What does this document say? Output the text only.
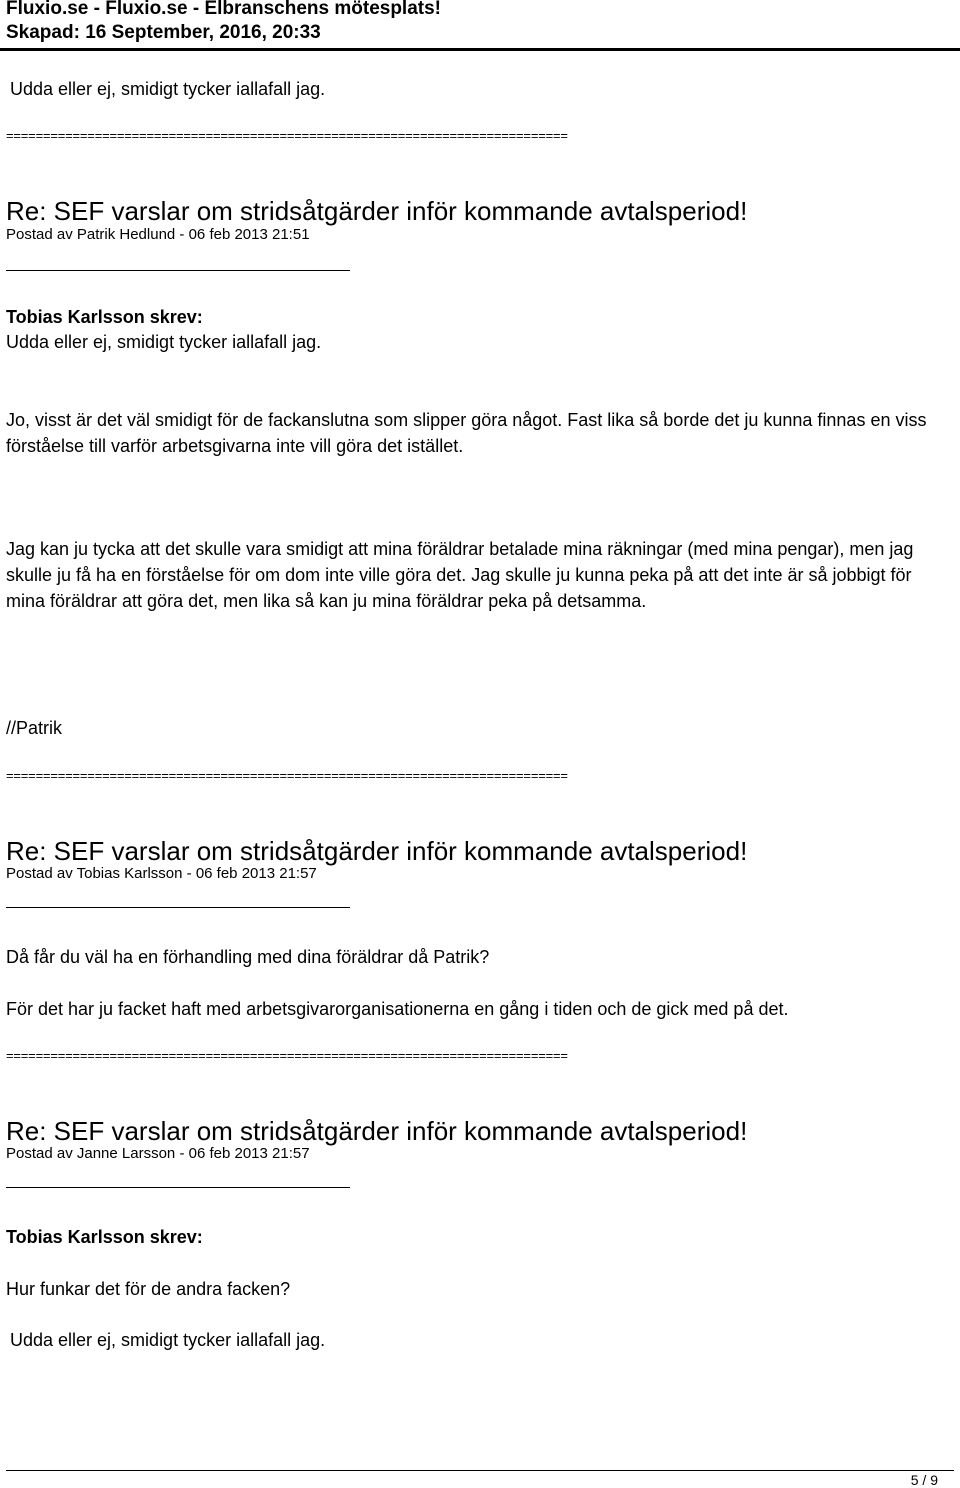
Fluxio.se - Fluxio.se - Elbranschens mötesplats!
Skapad: 16 September, 2016, 20:33
Udda eller ej, smidigt tycker iallafall jag.
============================================================================
Re: SEF varslar om stridsåtgärder inför kommande avtalsperiod!
Postad av Patrik Hedlund - 06 feb 2013 21:51
Tobias Karlsson skrev:
Udda eller ej, smidigt tycker iallafall jag.
Jo, visst är det väl smidigt för de fackanslutna som slipper göra något. Fast lika så borde det ju kunna finnas en viss förståelse till varför arbetsgivarna inte vill göra det istället.
Jag kan ju tycka att det skulle vara smidigt att mina föräldrar betalade mina räkningar (med mina pengar), men jag skulle ju få ha en förståelse för om dom inte ville göra det. Jag skulle ju kunna peka på att det inte är så jobbigt för mina föräldrar att göra det, men lika så kan ju mina föräldrar peka på detsamma.
//Patrik
============================================================================
Re: SEF varslar om stridsåtgärder inför kommande avtalsperiod!
Postad av Tobias Karlsson - 06 feb 2013 21:57
Då får du väl ha en förhandling med dina föräldrar då Patrik?
För det har ju facket haft med arbetsgivarorganisationerna en gång i tiden och de gick med på det.
============================================================================
Re: SEF varslar om stridsåtgärder inför kommande avtalsperiod!
Postad av Janne Larsson - 06 feb 2013 21:57
Tobias Karlsson skrev:
Hur funkar det för de andra facken?
Udda eller ej, smidigt tycker iallafall jag.
5 / 9
